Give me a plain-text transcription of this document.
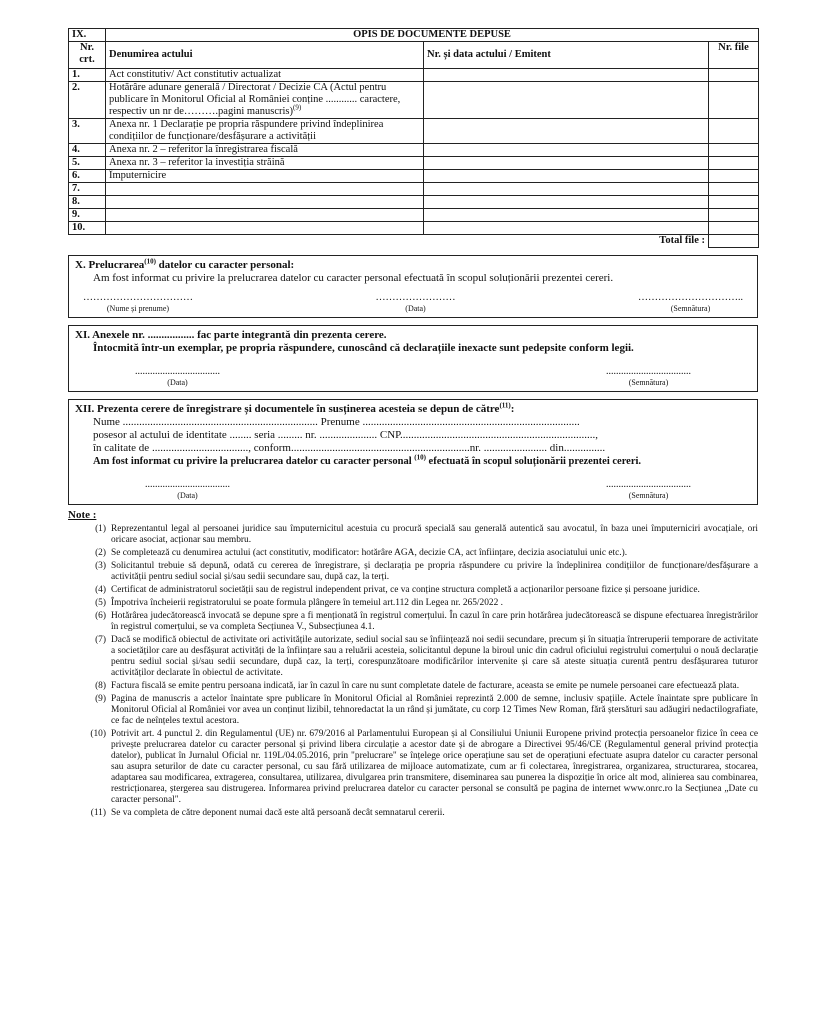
IX.	OPIS DE DOCUMENTE DEPUSE		
Nr. crt.	Denumirea actului	Nr. și data actului / Emitent	Nr. file
1.	Act constitutiv/ Act constitutiv actualizat		
2.	Hotărâre adunare generală / Directorat / Decizie CA (Actul pentru publicare în Monitorul Oficial al României conține ............ caractere, respectiv un nr de……….pagini manuscris)$^{(9)}$		
3.	Anexa nr. 1 Declarație pe propria răspundere privind îndeplinirea condițiilor de funcționare/desfășurare a activității		
4.	Anexa nr. 2 – referitor la înregistrarea fiscală		
5.	Anexa nr. 3 – referitor la investiția străină		
6.	Împuternicire		
7.			
8.			
9.			
10.			
Total file :			
X. Prelucrarea$^{(10)}$ datelor cu caracter personal:
Am fost informat cu privire la prelucrarea datelor cu caracter personal efectuată în scopul soluționării prezentei cereri.
……………………………
(Nume și prenume)
……………………
(Data)
…………………………..
(Semnătura)
XI. Anexele nr. ................. fac parte integrantă din prezenta cerere.
Întocmită într-un exemplar, pe propria răspundere, cunoscând că declarațiile inexacte sunt pedepsite conform legii.
..................................
(Data)
..................................
(Semnătura)
XII. Prezenta cerere de înregistrare și documentele în susținerea acesteia se depun de către$^{(11)}$:
Nume ....................................................................... Prenume ...............................................................................
posesor al actului de identitate ........ seria ......... nr. ..................... CNP.......................................................................,
în calitate de ..................................., conform.................................................................nr. ....................... din...............
Am fost informat cu privire la prelucrarea datelor cu caracter personal $^{(10)}$ efectuată în scopul soluționării prezentei cereri.
..................................
(Data)
..................................
(Semnătura)
Note :
(1) Reprezentantul legal al persoanei juridice sau împuternicitul acestuia cu procură specială sau generală autentică sau avocatul, în baza unei împuterniciri avocațiale, ori oricare asociat, acționar sau membru.
(2) Se completează cu denumirea actului (act constitutiv, modificator: hotărâre AGA, decizie CA, act înființare, decizia asociatului unic etc.).
(3) Solicitantul trebuie să depună, odată cu cererea de înregistrare, și declarația pe propria răspundere cu privire la îndeplinirea condițiilor de funcționare/desfășurare a activității pentru sediul social și/sau sedii secundare sau, după caz, la terți.
(4) Certificat de administratorul societății sau de registrul independent privat, ce va conține structura completă a acționarilor persoane fizice și persoane juridice.
(5) Împotriva încheierii registratorului se poate formula plângere în temeiul art.112 din Legea nr. 265/2022 .
(6) Hotărârea judecătorească invocată se depune spre a fi menționată în registrul comerțului. În cazul în care prin hotărârea judecătorească se dispune efectuarea înregistrărilor în registrul comerțului, se va completa Secțiunea V., Subsecțiunea 4.1.
(7) Dacă se modifică obiectul de activitate ori activitățile autorizate, sediul social sau se înființează noi sedii secundare, precum și în situația întreruperii temporare de activitate a societăților care au desfășurat activități de la înființare sau a reluării acesteia, solicitantul depune la biroul unic din cadrul oficiului registrului comerțului o nouă declarație pentru sediul social și/sau sedii secundare, după caz, la terți, corespunzătoare modificărilor intervenite și care să ateste situația curentă pentru desfășurarea tuturor activităților declarate în obiectul de activitate.
(8) Factura fiscală se emite pentru persoana indicată, iar în cazul în care nu sunt completate datele de facturare, aceasta se emite pe numele persoanei care efectuează plata.
(9) Pagina de manuscris a actelor înaintate spre publicare în Monitorul Oficial al României reprezintă 2.000 de semne, inclusiv spațiile. Actele înaintate spre publicare în Monitorul Oficial al României vor avea un conținut lizibil, tehnoredactat la un rând și jumătate, cu corp 12 Times New Roman, fără ștersături sau adăugiri nedactilografiate, ce fac de neînțeles textul acestora.
(10) Potrivit art. 4 punctul 2. din Regulamentul (UE) nr. 679/2016 al Parlamentului European și al Consiliului Uniunii Europene privind protecția persoanelor fizice în ceea ce privește prelucrarea datelor cu caracter personal și privind libera circulație a acestor date și de abrogare a Directivei 95/46/CE (Regulamentul general privind protecția datelor), publicat în Jurnalul Oficial nr. 119L/04.05.2016, prin "prelucrare" se înțelege orice operațiune sau set de operațiuni efectuate asupra datelor cu caracter personal sau asupra seturilor de date cu caracter personal, cu sau fără utilizarea de mijloace automatizate, cum ar fi colectarea, înregistrarea, organizarea, structurarea, stocarea, adaptarea sau modificarea, extragerea, consultarea, utilizarea, divulgarea prin transmitere, diseminarea sau punerea la dispoziție în orice alt mod, alinierea sau combinarea, restricționarea, ștergerea sau distrugerea. Informarea privind prelucrarea datelor cu caracter personal se consultă pe pagina de internet www.onrc.ro la Secțiunea „Date cu caracter personal".
(11) Se va completa de către deponent numai dacă este altă persoană decât semnatarul cererii.
